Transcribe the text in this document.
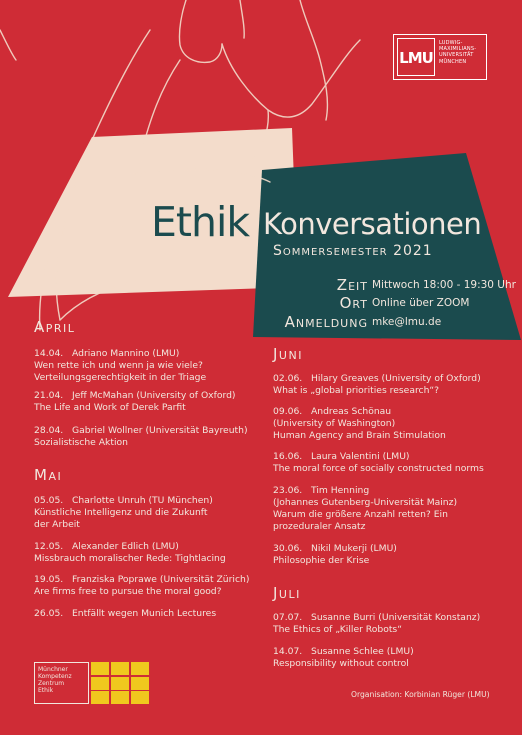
LMU
LUDWIG-
MAXIMILIANS-
UNIVERSITÄT
MÜNCHEN
Ethik Konversationen
Sommersemester 2021
Zeit Mittwoch 18:00 - 19:30 Uhr
Ort Online über ZOOM
Anmeldung mke@lmu.de
April
14.04.   Adriano Mannino (LMU)
Wen rette ich und wenn ja wie viele?
Verteilungsgerechtigkeit in der Triage
21.04.   Jeff McMahan (University of Oxford)
The Life and Work of Derek Parfit
28.04.   Gabriel Wollner (Universität Bayreuth)
Sozialistische Aktion
Mai
05.05.   Charlotte Unruh (TU München)
Künstliche Intelligenz und die Zukunft
der Arbeit
12.05.   Alexander Edlich (LMU)
Missbrauch moralischer Rede: Tightlacing
19.05.   Franziska Poprawe (Universität Zürich)
Are firms free to pursue the moral good?
26.05.   Entfällt wegen Munich Lectures
Juni
02.06.   Hilary Greaves (University of Oxford)
What is „global priorities research“?
09.06.   Andreas Schönau
(University of Washington)
Human Agency and Brain Stimulation
16.06.   Laura Valentini (LMU)
The moral force of socially constructed norms
23.06.   Tim Henning
(Johannes Gutenberg-Universität Mainz)
Warum die größere Anzahl retten? Ein
prozeduraler Ansatz
30.06.   Nikil Mukerji (LMU)
Philosophie der Krise
Juli
07.07.   Susanne Burri (Universität Konstanz)
The Ethics of „Killer Robots“
14.07.   Susanne Schlee (LMU)
Responsibility without control
Münchner
Kompetenz
Zentrum
Ethik	Organisation: Korbinian Rüger (LMU)
